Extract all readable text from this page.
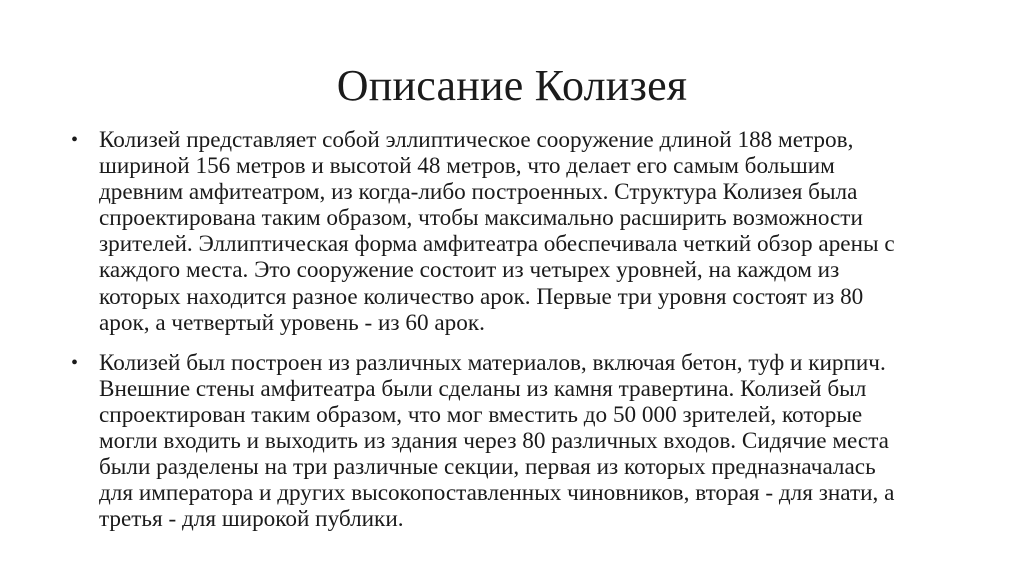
Описание Колизея
• Колизей представляет собой эллиптическое сооружение длиной 188 метров,
шириной 156 метров и высотой 48 метров, что делает его самым большим
древним амфитеатром, из когда-либо построенных. Структура Колизея была
спроектирована таким образом, чтобы максимально расширить возможности
зрителей. Эллиптическая форма амфитеатра обеспечивала четкий обзор арены с
каждого места. Это сооружение состоит из четырех уровней, на каждом из
которых находится разное количество арок. Первые три уровня состоят из 80
арок, а четвертый уровень - из 60 арок.
• Колизей был построен из различных материалов, включая бетон, туф и кирпич.
Внешние стены амфитеатра были сделаны из камня травертина. Колизей был
спроектирован таким образом, что мог вместить до 50 000 зрителей, которые
могли входить и выходить из здания через 80 различных входов. Сидячие места
были разделены на три различные секции, первая из которых предназначалась
для императора и других высокопоставленных чиновников, вторая - для знати, а
третья - для широкой публики.
